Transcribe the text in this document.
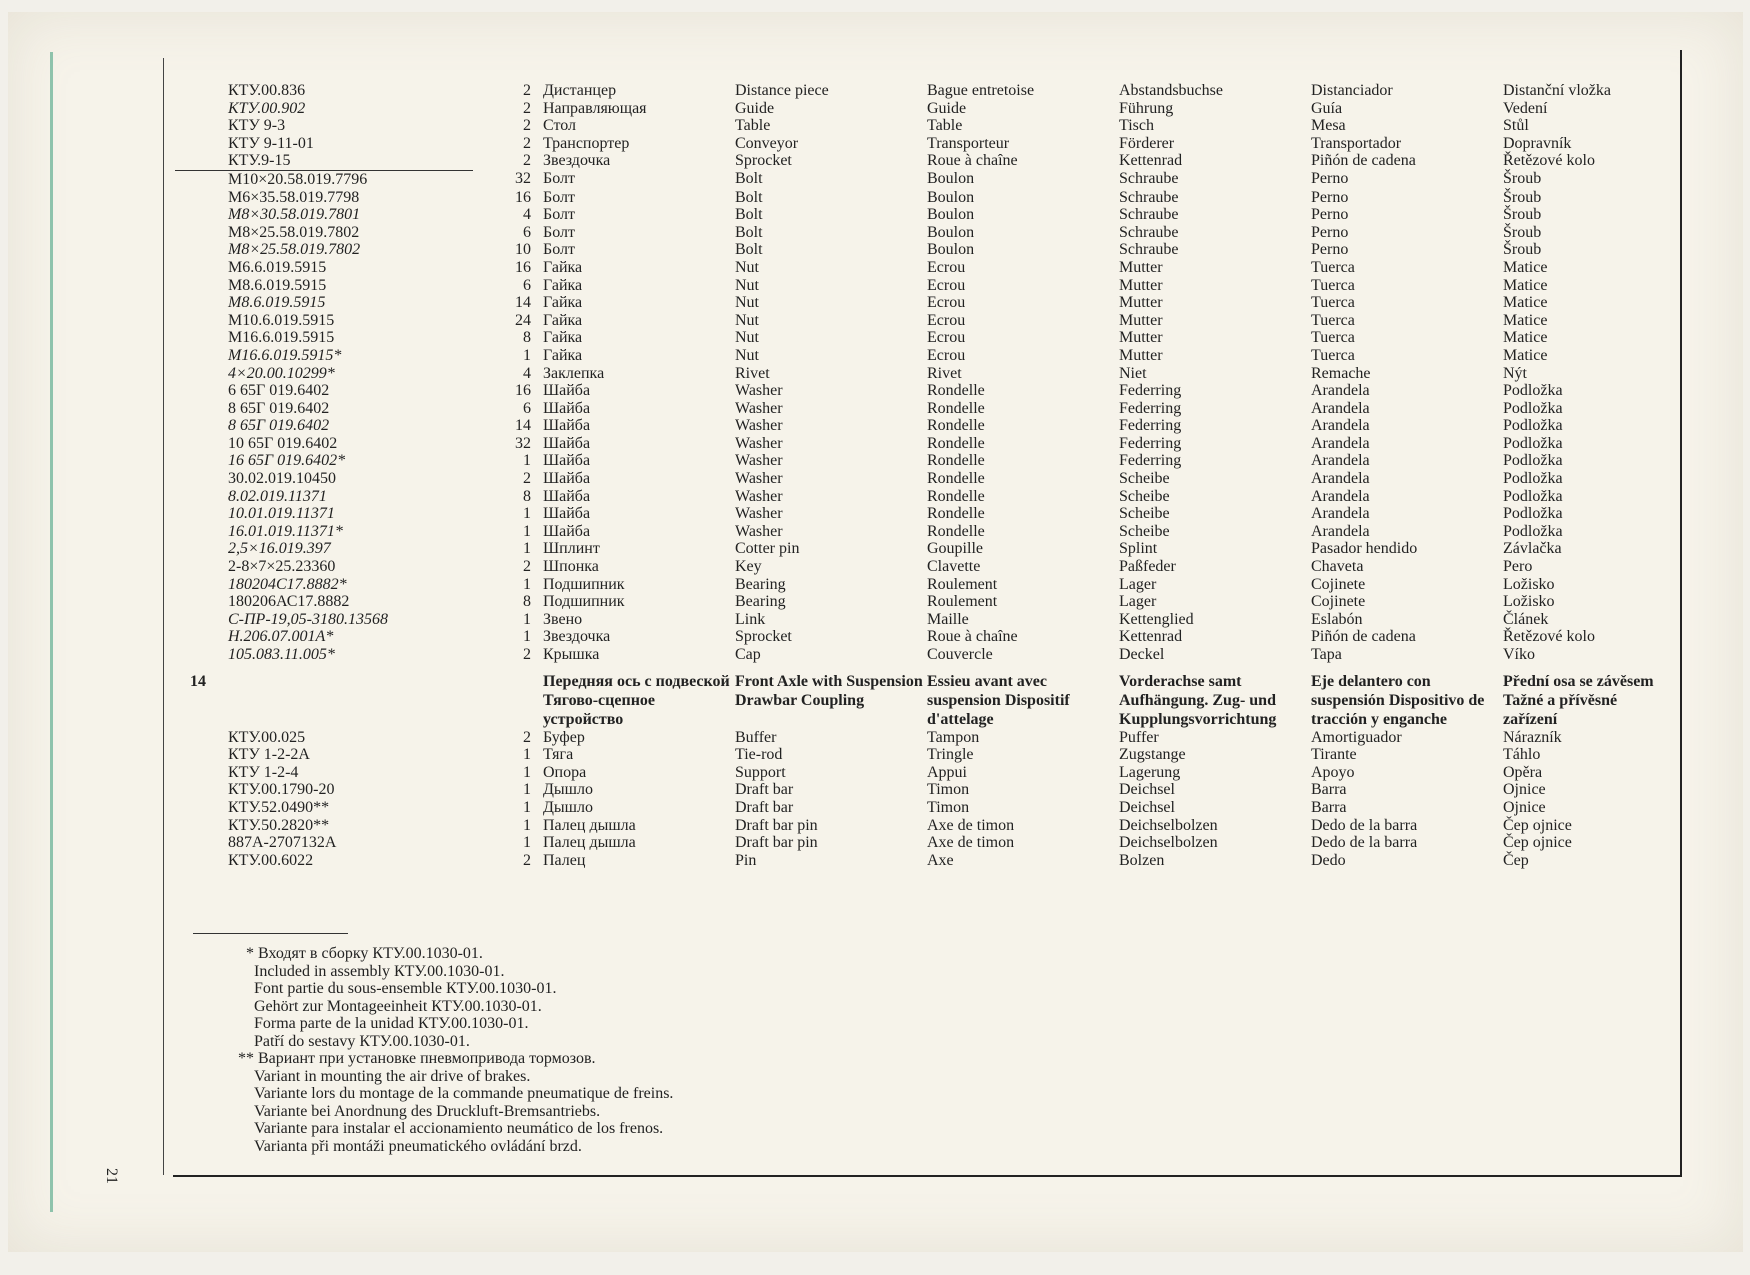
21
КТУ.00.836	2	Дистанцер	Distance piece	Bague entretoise	Abstandsbuchse	Distanciador	Distanční vložka
КТУ.00.902	2	Направляющая	Guide	Guide	Führung	Guía	Vedení
КТУ 9-3	2	Стол	Table	Table	Tisch	Mesa	Stůl
КТУ 9-11-01	2	Транспортер	Conveyor	Transporteur	Förderer	Transportador	Dopravník
КТУ.9-15	2	Звездочка	Sprocket	Roue à chaîne	Kettenrad	Piñón de cadena	Řetězové kolo
М10×20.58.019.7796	32	Болт	Bolt	Boulon	Schraube	Perno	Šroub
М6×35.58.019.7798	16	Болт	Bolt	Boulon	Schraube	Perno	Šroub
М8×30.58.019.7801	4	Болт	Bolt	Boulon	Schraube	Perno	Šroub
М8×25.58.019.7802	6	Болт	Bolt	Boulon	Schraube	Perno	Šroub
М8×25.58.019.7802	10	Болт	Bolt	Boulon	Schraube	Perno	Šroub
М6.6.019.5915	16	Гайка	Nut	Ecrou	Mutter	Tuerca	Matice
М8.6.019.5915	6	Гайка	Nut	Ecrou	Mutter	Tuerca	Matice
М8.6.019.5915	14	Гайка	Nut	Ecrou	Mutter	Tuerca	Matice
М10.6.019.5915	24	Гайка	Nut	Ecrou	Mutter	Tuerca	Matice
М16.6.019.5915	8	Гайка	Nut	Ecrou	Mutter	Tuerca	Matice
М16.6.019.5915*	1	Гайка	Nut	Ecrou	Mutter	Tuerca	Matice
4×20.00.10299*	4	Заклепка	Rivet	Rivet	Niet	Remache	Nýt
6 65Г 019.6402	16	Шайба	Washer	Rondelle	Federring	Arandela	Podložka
8 65Г 019.6402	6	Шайба	Washer	Rondelle	Federring	Arandela	Podložka
8 65Г 019.6402	14	Шайба	Washer	Rondelle	Federring	Arandela	Podložka
10 65Г 019.6402	32	Шайба	Washer	Rondelle	Federring	Arandela	Podložka
16 65Г 019.6402*	1	Шайба	Washer	Rondelle	Federring	Arandela	Podložka
30.02.019.10450	2	Шайба	Washer	Rondelle	Scheibe	Arandela	Podložka
8.02.019.11371	8	Шайба	Washer	Rondelle	Scheibe	Arandela	Podložka
10.01.019.11371	1	Шайба	Washer	Rondelle	Scheibe	Arandela	Podložka
16.01.019.11371*	1	Шайба	Washer	Rondelle	Scheibe	Arandela	Podložka
2,5×16.019.397	1	Шплинт	Cotter pin	Goupille	Splint	Pasador hendido	Závlačka
2-8×7×25.23360	2	Шпонка	Key	Clavette	Paßfeder	Chaveta	Pero
180204С17.8882*	1	Подшипник	Bearing	Roulement	Lager	Cojinete	Ložisko
180206АС17.8882	8	Подшипник	Bearing	Roulement	Lager	Cojinete	Ložisko
С-ПР-19,05-3180.13568	1	Звено	Link	Maille	Kettenglied	Eslabón	Článek
Н.206.07.001А*	1	Звездочка	Sprocket	Roue à chaîne	Kettenrad	Piñón de cadena	Řetězové kolo
105.083.11.005*	2	Крышка	Cap	Couvercle	Deckel	Tapa	Víko
14		Передняя ось с подвеской Тягово-сцепное устройство	Front Axle with Suspension Drawbar Coupling	Essieu avant avec suspension Dispositif d'attelage	Vorderachse samt Aufhängung. Zug- und Kupplungsvorrichtung	Eje delantero con suspensión Dispositivo de tracción y enganche	Přední osa se závěsem Tažné a přívěsné zařízení
КТУ.00.025	2	Буфер	Buffer	Tampon	Puffer	Amortiguador	Nárazník
КТУ 1-2-2А	1	Тяга	Tie-rod	Tringle	Zugstange	Tirante	Táhlo
КТУ 1-2-4	1	Опора	Support	Appui	Lagerung	Apoyo	Opěra
КТУ.00.1790-20	1	Дышло	Draft bar	Timon	Deichsel	Barra	Ojnice
КТУ.52.0490**	1	Дышло	Draft bar	Timon	Deichsel	Barra	Ojnice
КТУ.50.2820**	1	Палец дышла	Draft bar pin	Axe de timon	Deichselbolzen	Dedo de la barra	Čep ojnice
887А-2707132А	1	Палец дышла	Draft bar pin	Axe de timon	Deichselbolzen	Dedo de la barra	Čep ojnice
КТУ.00.6022	2	Палец	Pin	Axe	Bolzen	Dedo	Čep
* Входят в сборку КТУ.00.1030-01.
Included in assembly КТУ.00.1030-01.
Font partie du sous-ensemble КТУ.00.1030-01.
Gehört zur Montageeinheit КТУ.00.1030-01.
Forma parte de la unidad КТУ.00.1030-01.
Patří do sestavy КТУ.00.1030-01.
** Вариант при установке пневмопривода тормозов.
Variant in mounting the air drive of brakes.
Variante lors du montage de la commande pneumatique de freins.
Variante bei Anordnung des Druckluft-Bremsantriebs.
Variante para instalar el accionamiento neumático de los frenos.
Varianta při montáži pneumatického ovládání brzd.
